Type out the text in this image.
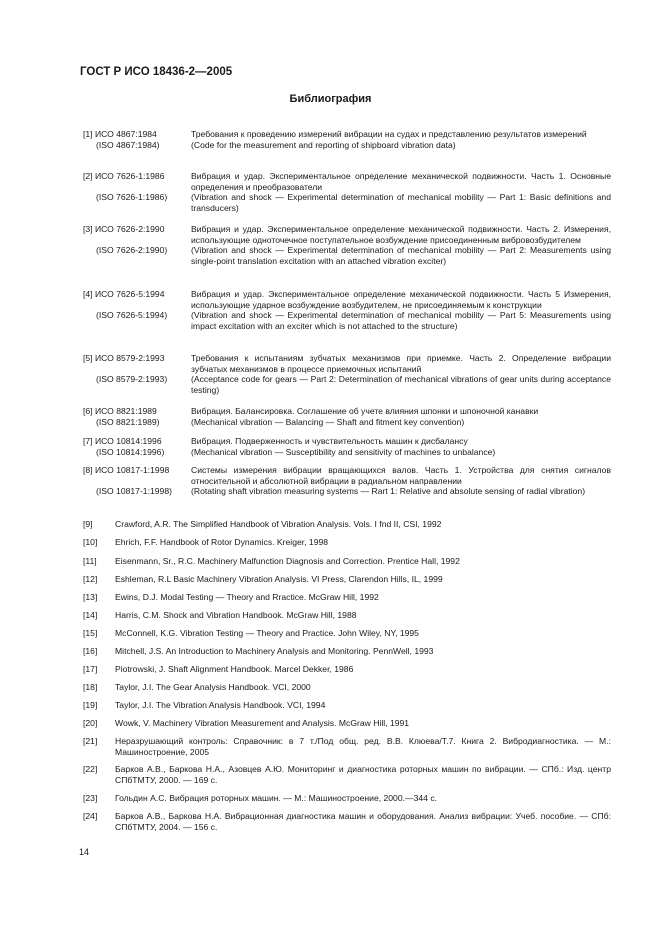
ГОСТ Р ИСО 18436-2—2005
Библиография
[1] ИСО 4867:1984	Требования к проведению измерений вибрации на судах и представлению результатов измерений
(ISO 4867:1984)	(Code for the measurement and reporting of shipboard vibration data)
[2] ИСО 7626-1:1986	Вибрация и удар. Экспериментальное определение механической подвижности. Часть 1. Основные определения и преобразователи
(ISO 7626-1:1986)	(Vibration and shock — Experimental determination of mechanical mobility — Part 1: Basic definitions and transducers)
[3] ИСО 7626-2:1990	Вибрация и удар. Экспериментальное определение механической подвижности. Часть 2. Измерения, использующие одноточечное поступательное возбуждение присоединенным вибровозбудителем
(ISO 7626-2:1990)	(Vibration and shock — Experimental determination of mechanical mobility — Part 2: Measurements using single-point translation excitation with an attached vibration exciter)
[4] ИСО 7626-5:1994	Вибрация и удар. Экспериментальное определение механической подвижности. Часть 5 Измерения, использующие ударное возбуждение возбудителем, не присоединяемым к конструкции
(ISO 7626-5:1994)	(Vibration and shock — Experimental determination of mechanical mobility — Part 5: Measurements using impact excitation with an exciter which is not attached to the structure)
[5] ИСО 8579-2:1993	Требования к испытаниям зубчатых механизмов при приемке. Часть 2. Определение вибрации зубчатых механизмов в процессе приемочных испытаний
(ISO 8579-2:1993)	(Acceptance code for gears — Part 2: Determination of mechanical vibrations of gear units during acceptance testing)
[6] ИСО 8821:1989	Вибрация. Балансировка. Соглашение об учете влияния шпонки и шпоночной канавки
(ISO 8821:1989)	(Mechanical vibration — Balancing — Shaft and fitment key convention)
[7] ИСО 10814:1996	Вибрация. Подверженность и чувствительность машин к дисбалансу
(ISO 10814:1996)	(Mechanical vibration — Susceptibility and sensitivity of machines to unbalance)
[8] ИСО 10817-1:1998	Системы измерения вибрации вращающихся валов. Часть 1. Устройства для снятия сигналов относительной и абсолютной вибрации в радиальном направлении
(ISO 10817-1:1998)	(Rotating shaft vibration measuring systems — Rart 1: Relative and absolute sensing of radial vibration)
[9]	Crawford, A.R. The Simplified Handbook of Vibration Analysis. Vols. I fnd II, CSI, 1992
[10]	Ehrich, F.F. Handbook of Rotor Dynamics. Kreiger, 1998
[11]	Eisenmann, Sr., R.C. Machinery Malfunction Diagnosis and Correction. Prentice Hall, 1992
[12]	Eshleman, R.L Basic Machinery Vibration Analysis. VI Press, Clarendon Hills, IL, 1999
[13]	Ewins, D.J. Modal Testing — Theory and Rractice. McGraw Hill, 1992
[14]	Harris, C.M. Shock and Vibration Handbook. McGraw Hill, 1988
[15]	McConnell, K.G. Vibration Testing — Theory and Practice. John Wiley, NY, 1995
[16]	Mitchell, J.S. An Introduction to Machinery Analysis and Monitoring. PennWell, 1993
[17]	Piotrowski, J. Shaft Alignment Handbook. Marcel Dekker, 1986
[18]	Taylor, J.I. The Gear Analysis Handbook. VCI, 2000
[19]	Taylor, J.I. The Vibration Analysis Handbook. VCI, 1994
[20]	Wowk, V. Machinery Vibration Measurement and Analysis. McGraw Hill, 1991
[21]	Неразрушающий контроль: Справочник: в 7 т./Под общ. ред. В.В. Клюева/Т.7. Книга 2. Вибродиагностика. — М.: Машиностроение, 2005
[22]	Барков А.В., Баркова Н.А., Азовцев А.Ю. Мониторинг и диагностика роторных машин по вибрации. — СПб.: Изд. центр СПбТМТУ, 2000. — 169 с.
[23]	Гольдин А.С. Вибрация роторных машин. — М.: Машиностроение, 2000.—344 с.
[24]	Барков А.В., Баркова Н.А. Вибрационная диагностика машин и оборудования. Анализ вибрации: Учеб. пособие. — СПб: СПбТМТУ, 2004. — 156 с.
14
